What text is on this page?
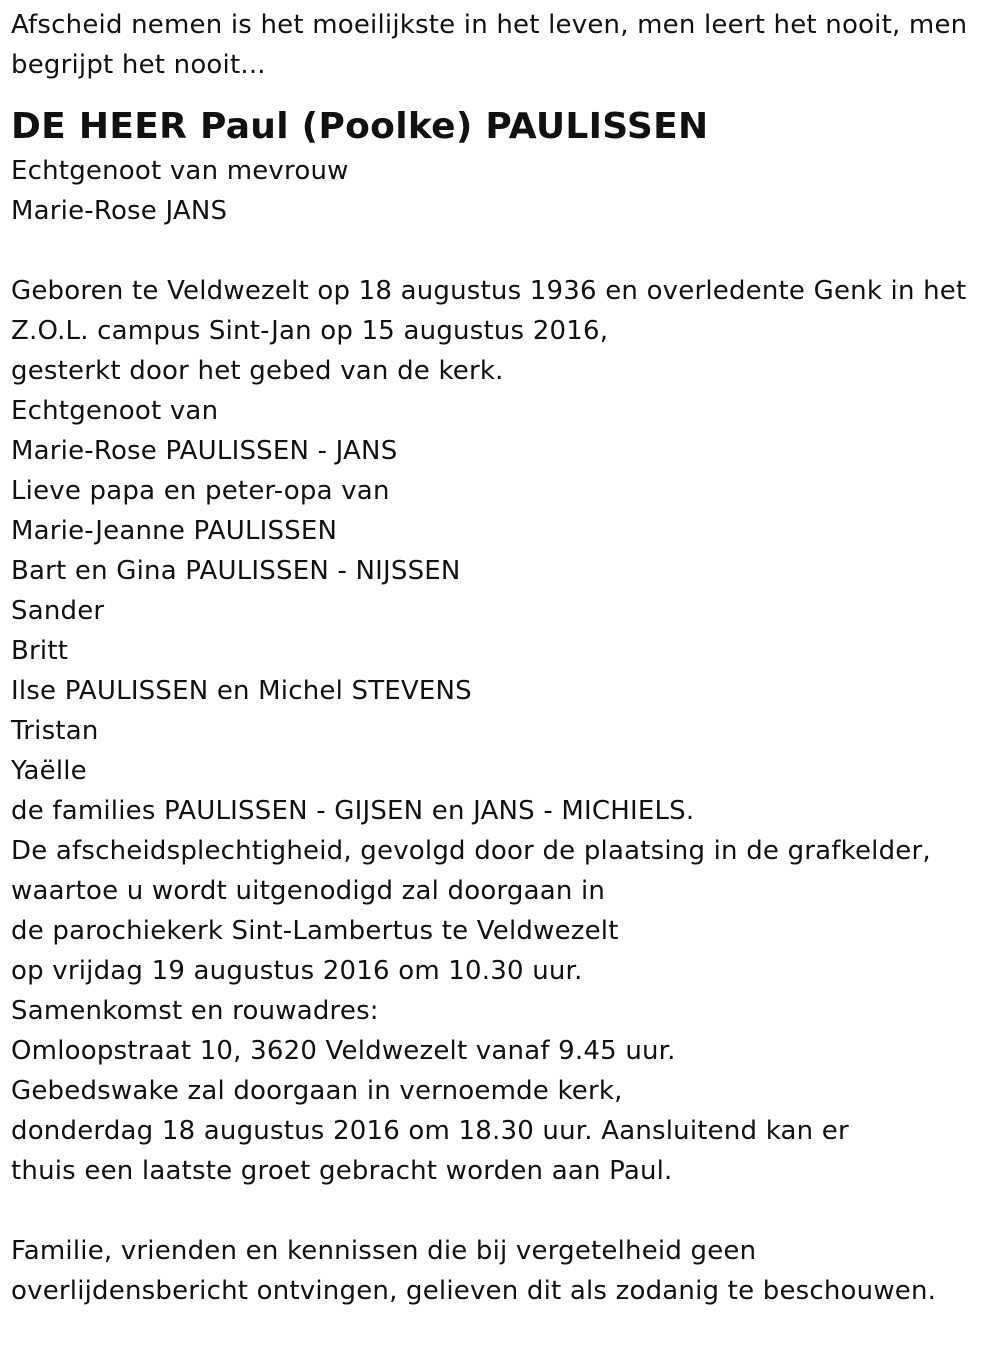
Afscheid nemen is het moeilijkste in het leven, men leert het nooit, men
begrijpt het nooit...
DE HEER Paul (Poolke) PAULISSEN
Echtgenoot van mevrouw
Marie-Rose JANS
Geboren te Veldwezelt op 18 augustus 1936 en overledente Genk in het
Z.O.L. campus Sint-Jan op 15 augustus 2016,
gesterkt door het gebed van de kerk.
Echtgenoot van
Marie-Rose PAULISSEN - JANS
Lieve papa en peter-opa van
Marie-Jeanne PAULISSEN
Bart en Gina PAULISSEN - NIJSSEN
Sander
Britt
Ilse PAULISSEN en Michel STEVENS
Tristan
Yaëlle
de families PAULISSEN - GIJSEN en JANS - MICHIELS.
De afscheidsplechtigheid, gevolgd door de plaatsing in de grafkelder,
waartoe u wordt uitgenodigd zal doorgaan in
de parochiekerk Sint-Lambertus te Veldwezelt
op vrijdag 19 augustus 2016 om 10.30 uur.
Samenkomst en rouwadres:
Omloopstraat 10, 3620 Veldwezelt vanaf 9.45 uur.
Gebedswake zal doorgaan in vernoemde kerk,
donderdag 18 augustus 2016 om 18.30 uur. Aansluitend kan er
thuis een laatste groet gebracht worden aan Paul.
Familie, vrienden en kennissen die bij vergetelheid geen
overlijdensbericht ontvingen, gelieven dit als zodanig te beschouwen.
